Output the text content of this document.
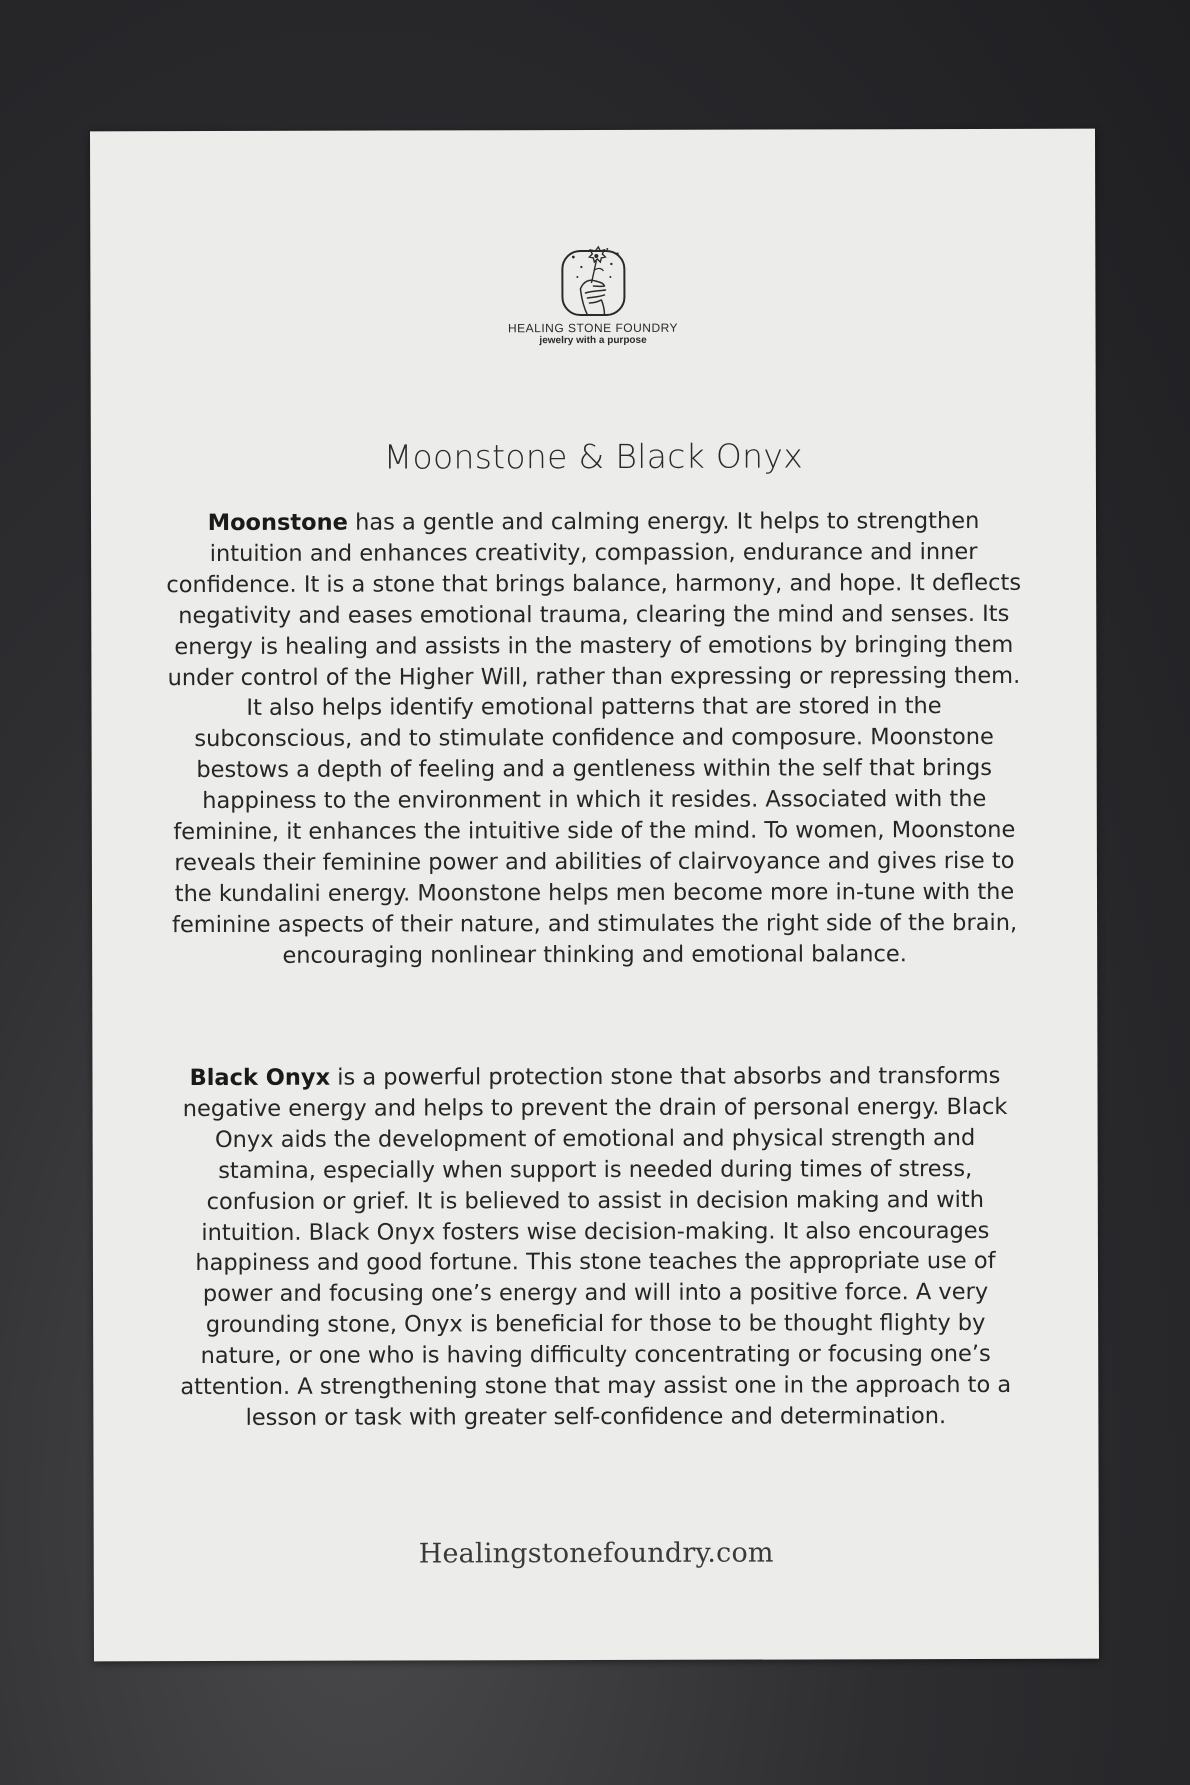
HEALING STONE FOUNDRY
jewelry with a purpose
Moonstone & Black Onyx

Moonstone has a gentle and calming energy. It helps to strengthen intuition and enhances creativity, compassion, endurance and inner confidence. It is a stone that brings balance, harmony, and hope. It deflects negativity and eases emotional trauma, clearing the mind and senses. Its energy is healing and assists in the mastery of emotions by bringing them under control of the Higher Will, rather than expressing or repressing them. It also helps identify emotional patterns that are stored in the subconscious, and to stimulate confidence and composure. Moonstone bestows a depth of feeling and a gentleness within the self that brings happiness to the environment in which it resides. Associated with the feminine, it enhances the intuitive side of the mind. To women, Moonstone reveals their feminine power and abilities of clairvoyance and gives rise to the kundalini energy. Moonstone helps men become more in-tune with the feminine aspects of their nature, and stimulates the right side of the brain, encouraging nonlinear thinking and emotional balance.

Black Onyx is a powerful protection stone that absorbs and transforms negative energy and helps to prevent the drain of personal energy. Black Onyx aids the development of emotional and physical strength and stamina, especially when support is needed during times of stress, confusion or grief. It is believed to assist in decision making and with intuition. Black Onyx fosters wise decision-making. It also encourages happiness and good fortune. This stone teaches the appropriate use of power and focusing one’s energy and will into a positive force. A very grounding stone, Onyx is beneficial for those to be thought flighty by nature, or one who is having difficulty concentrating or focusing one’s attention. A strengthening stone that may assist one in the approach to a lesson or task with greater self-confidence and determination.

Healingstonefoundry.com
